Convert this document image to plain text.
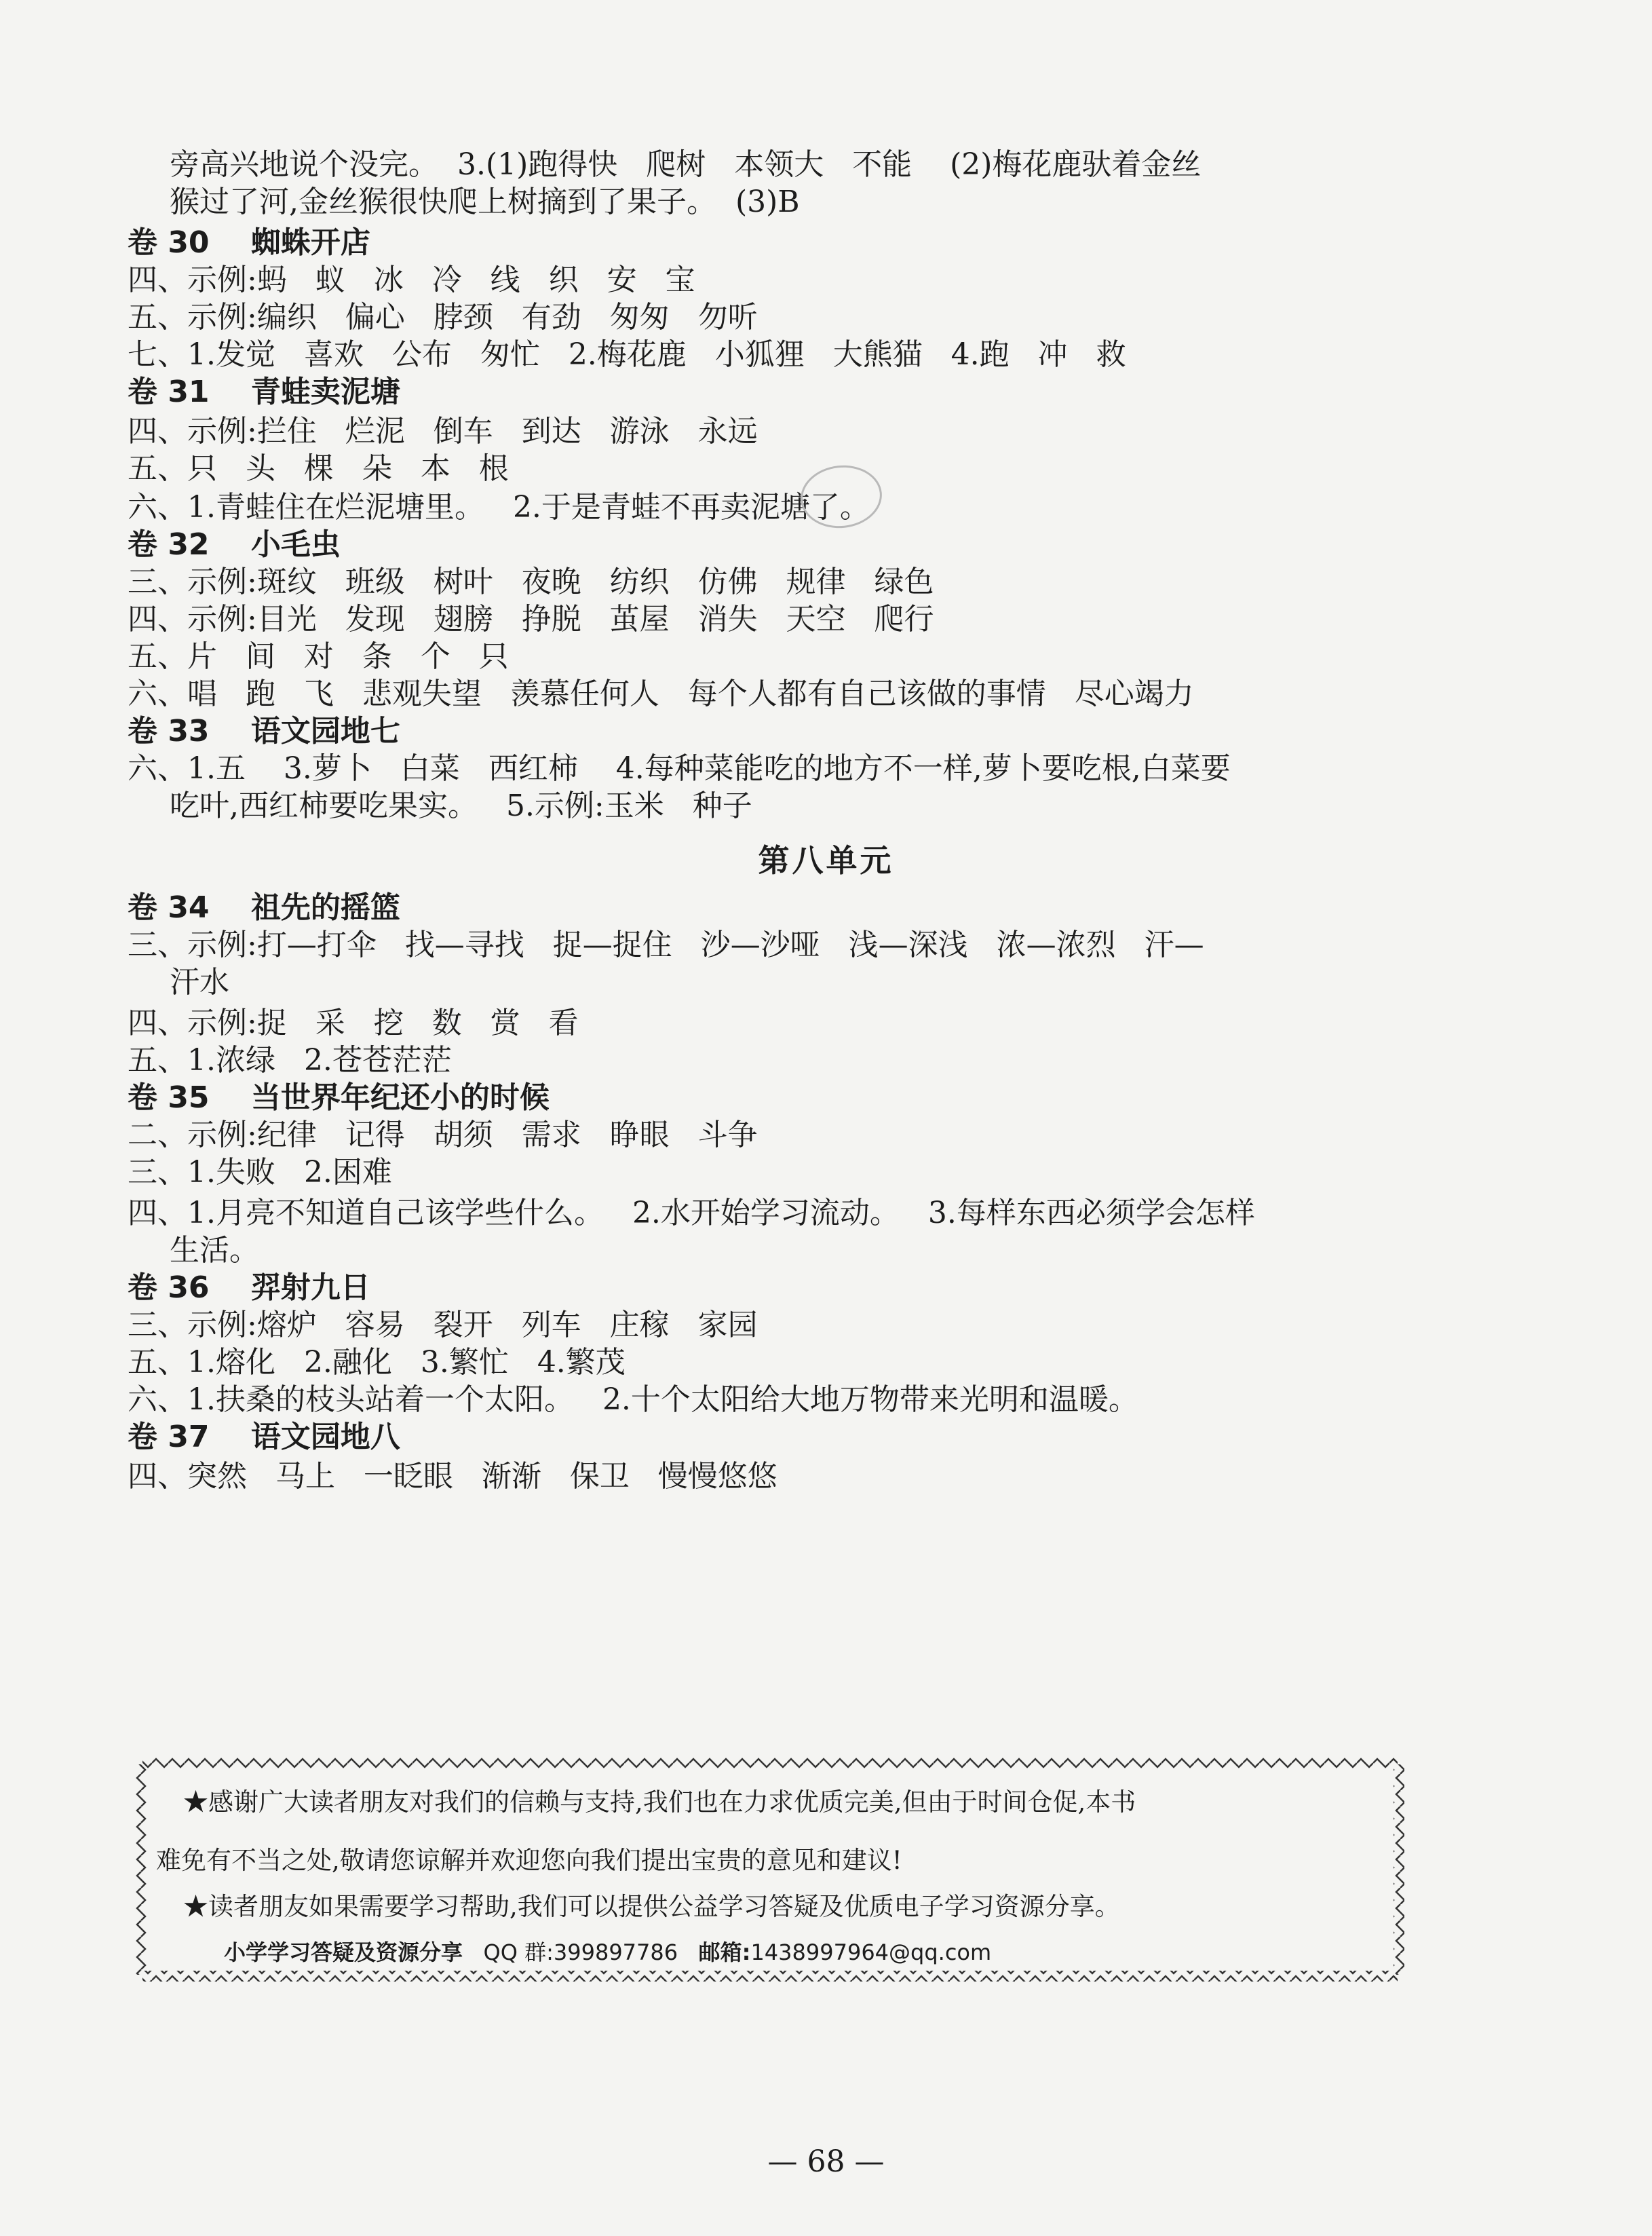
旁高兴地说个没完。  3.(1)跑得快   爬树   本领大   不能    (2)梅花鹿驮着金丝
猴过了河,金丝猴很快爬上树摘到了果子。  (3)B
卷 30    蜘蛛开店
四、示例:蚂   蚁   冰   冷   线   织   安   宝
五、示例:编织   偏心   脖颈   有劲   匆匆   勿听
七、1.发觉   喜欢   公布   匆忙   2.梅花鹿   小狐狸   大熊猫   4.跑   冲   救
卷 31    青蛙卖泥塘
四、示例:拦住   烂泥   倒车   到达   游泳   永远
五、只   头   棵   朵   本   根
六、1.青蛙住在烂泥塘里。   2.于是青蛙不再卖泥塘了。
卷 32    小毛虫
三、示例:斑纹   班级   树叶   夜晚   纺织   仿佛   规律   绿色
四、示例:目光   发现   翅膀   挣脱   茧屋   消失   天空   爬行
五、片   间   对   条   个   只
六、唱   跑   飞   悲观失望   羡慕任何人   每个人都有自己该做的事情   尽心竭力
卷 33    语文园地七
六、1.五    3.萝卜   白菜   西红柿    4.每种菜能吃的地方不一样,萝卜要吃根,白菜要
吃叶,西红柿要吃果实。   5.示例:玉米   种子
卷 34    祖先的摇篮
三、示例:打—打伞   找—寻找   捉—捉住   沙—沙哑   浅—深浅   浓—浓烈   汗—
汗水
四、示例:捉   采   挖   数   赏   看
五、1.浓绿   2.苍苍茫茫
卷 35    当世界年纪还小的时候
二、示例:纪律   记得   胡须   需求   睁眼   斗争
三、1.失败   2.困难
四、1.月亮不知道自己该学些什么。   2.水开始学习流动。   3.每样东西必须学会怎样
生活。
卷 36    羿射九日
三、示例:熔炉   容易   裂开   列车   庄稼   家园
五、1.熔化   2.融化   3.繁忙   4.繁茂
六、1.扶桑的枝头站着一个太阳。   2.十个太阳给大地万物带来光明和温暖。
卷 37    语文园地八
四、突然   马上   一眨眼   渐渐   保卫   慢慢悠悠
第八单元
★感谢广大读者朋友对我们的信赖与支持,我们也在力求优质完美,但由于时间仓促,本书
难免有不当之处,敬请您谅解并欢迎您向我们提出宝贵的意见和建议!
★读者朋友如果需要学习帮助,我们可以提供公益学习答疑及优质电子学习资源分享。
小学学习答疑及资源分享 QQ 群:399897786 邮箱:1438997964@qq.com
— 68 —
